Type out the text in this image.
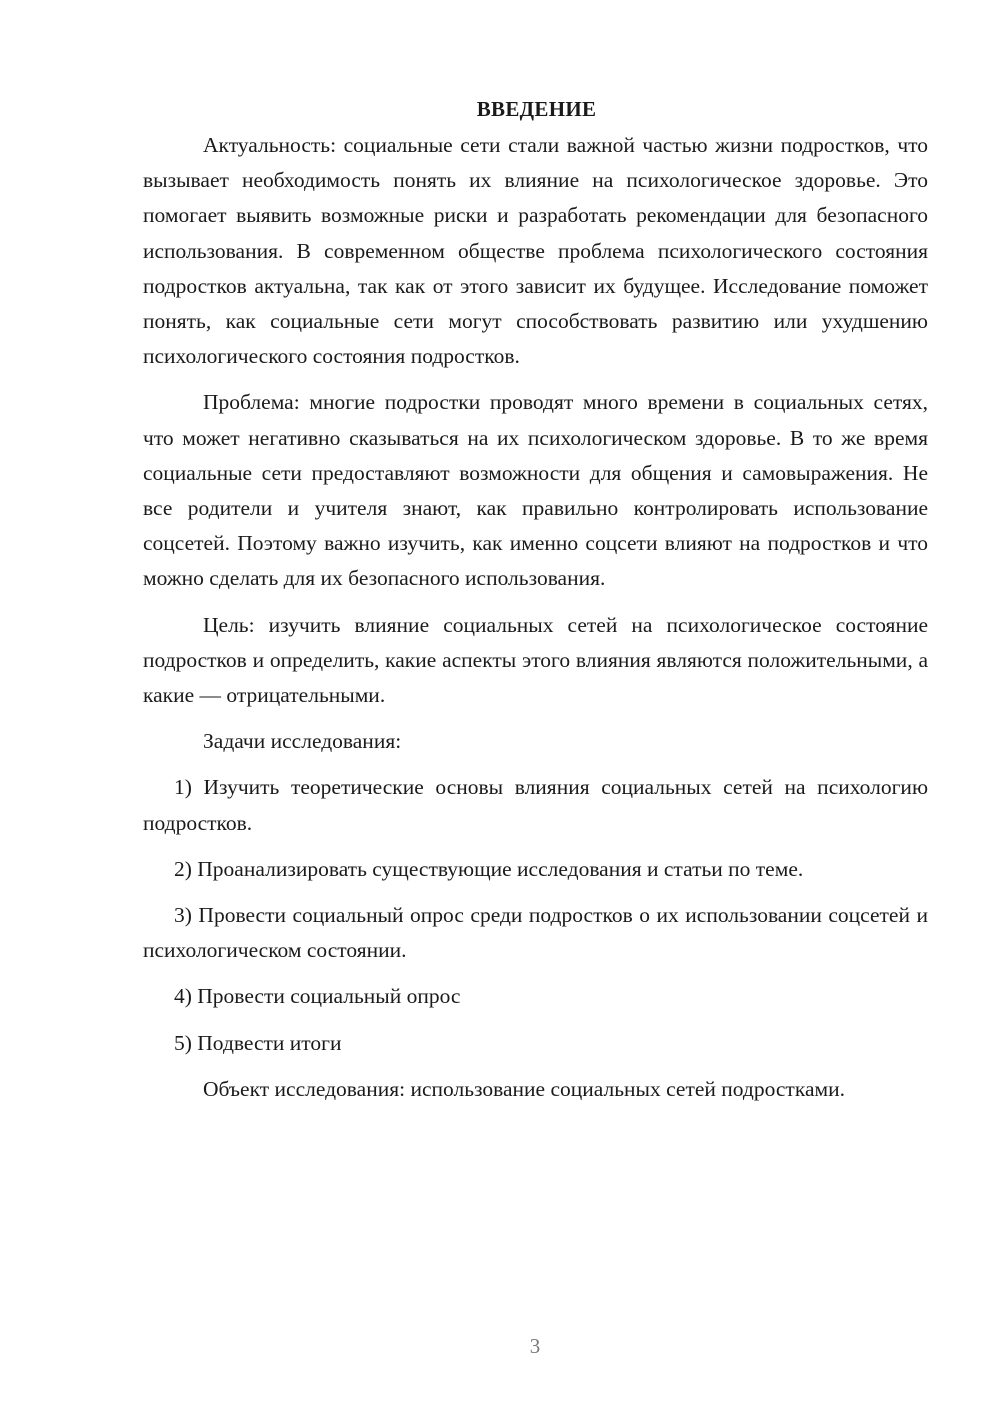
ВВЕДЕНИЕ

Актуальность: социальные сети стали важной частью жизни подростков, что вызывает необходимость понять их влияние на психологическое здоровье. Это помогает выявить возможные риски и разработать рекомендации для безопасного использования. В современном обществе проблема психологического состояния подростков актуальна, так как от этого зависит их будущее. Исследование поможет понять, как социальные сети могут способствовать развитию или ухудшению психологического состояния подростков.

Проблема: многие подростки проводят много времени в социальных сетях, что может негативно сказываться на их психологическом здоровье. В то же время социальные сети предоставляют возможности для общения и самовыражения. Не все родители и учителя знают, как правильно контролировать использование соцсетей. Поэтому важно изучить, как именно соцсети влияют на подростков и что можно сделать для их безопасного использования.

Цель: изучить влияние социальных сетей на психологическое состояние подростков и определить, какие аспекты этого влияния являются положительными, а какие — отрицательными.

Задачи исследования:

1) Изучить теоретические основы влияния социальных сетей на психологию подростков.

2) Проанализировать существующие исследования и статьи по теме.

3) Провести социальный опрос среди подростков о их использовании соцсетей и психологическом состоянии.

4) Провести социальный опрос

5) Подвести итоги

Объект исследования: использование социальных сетей подростками.

3
